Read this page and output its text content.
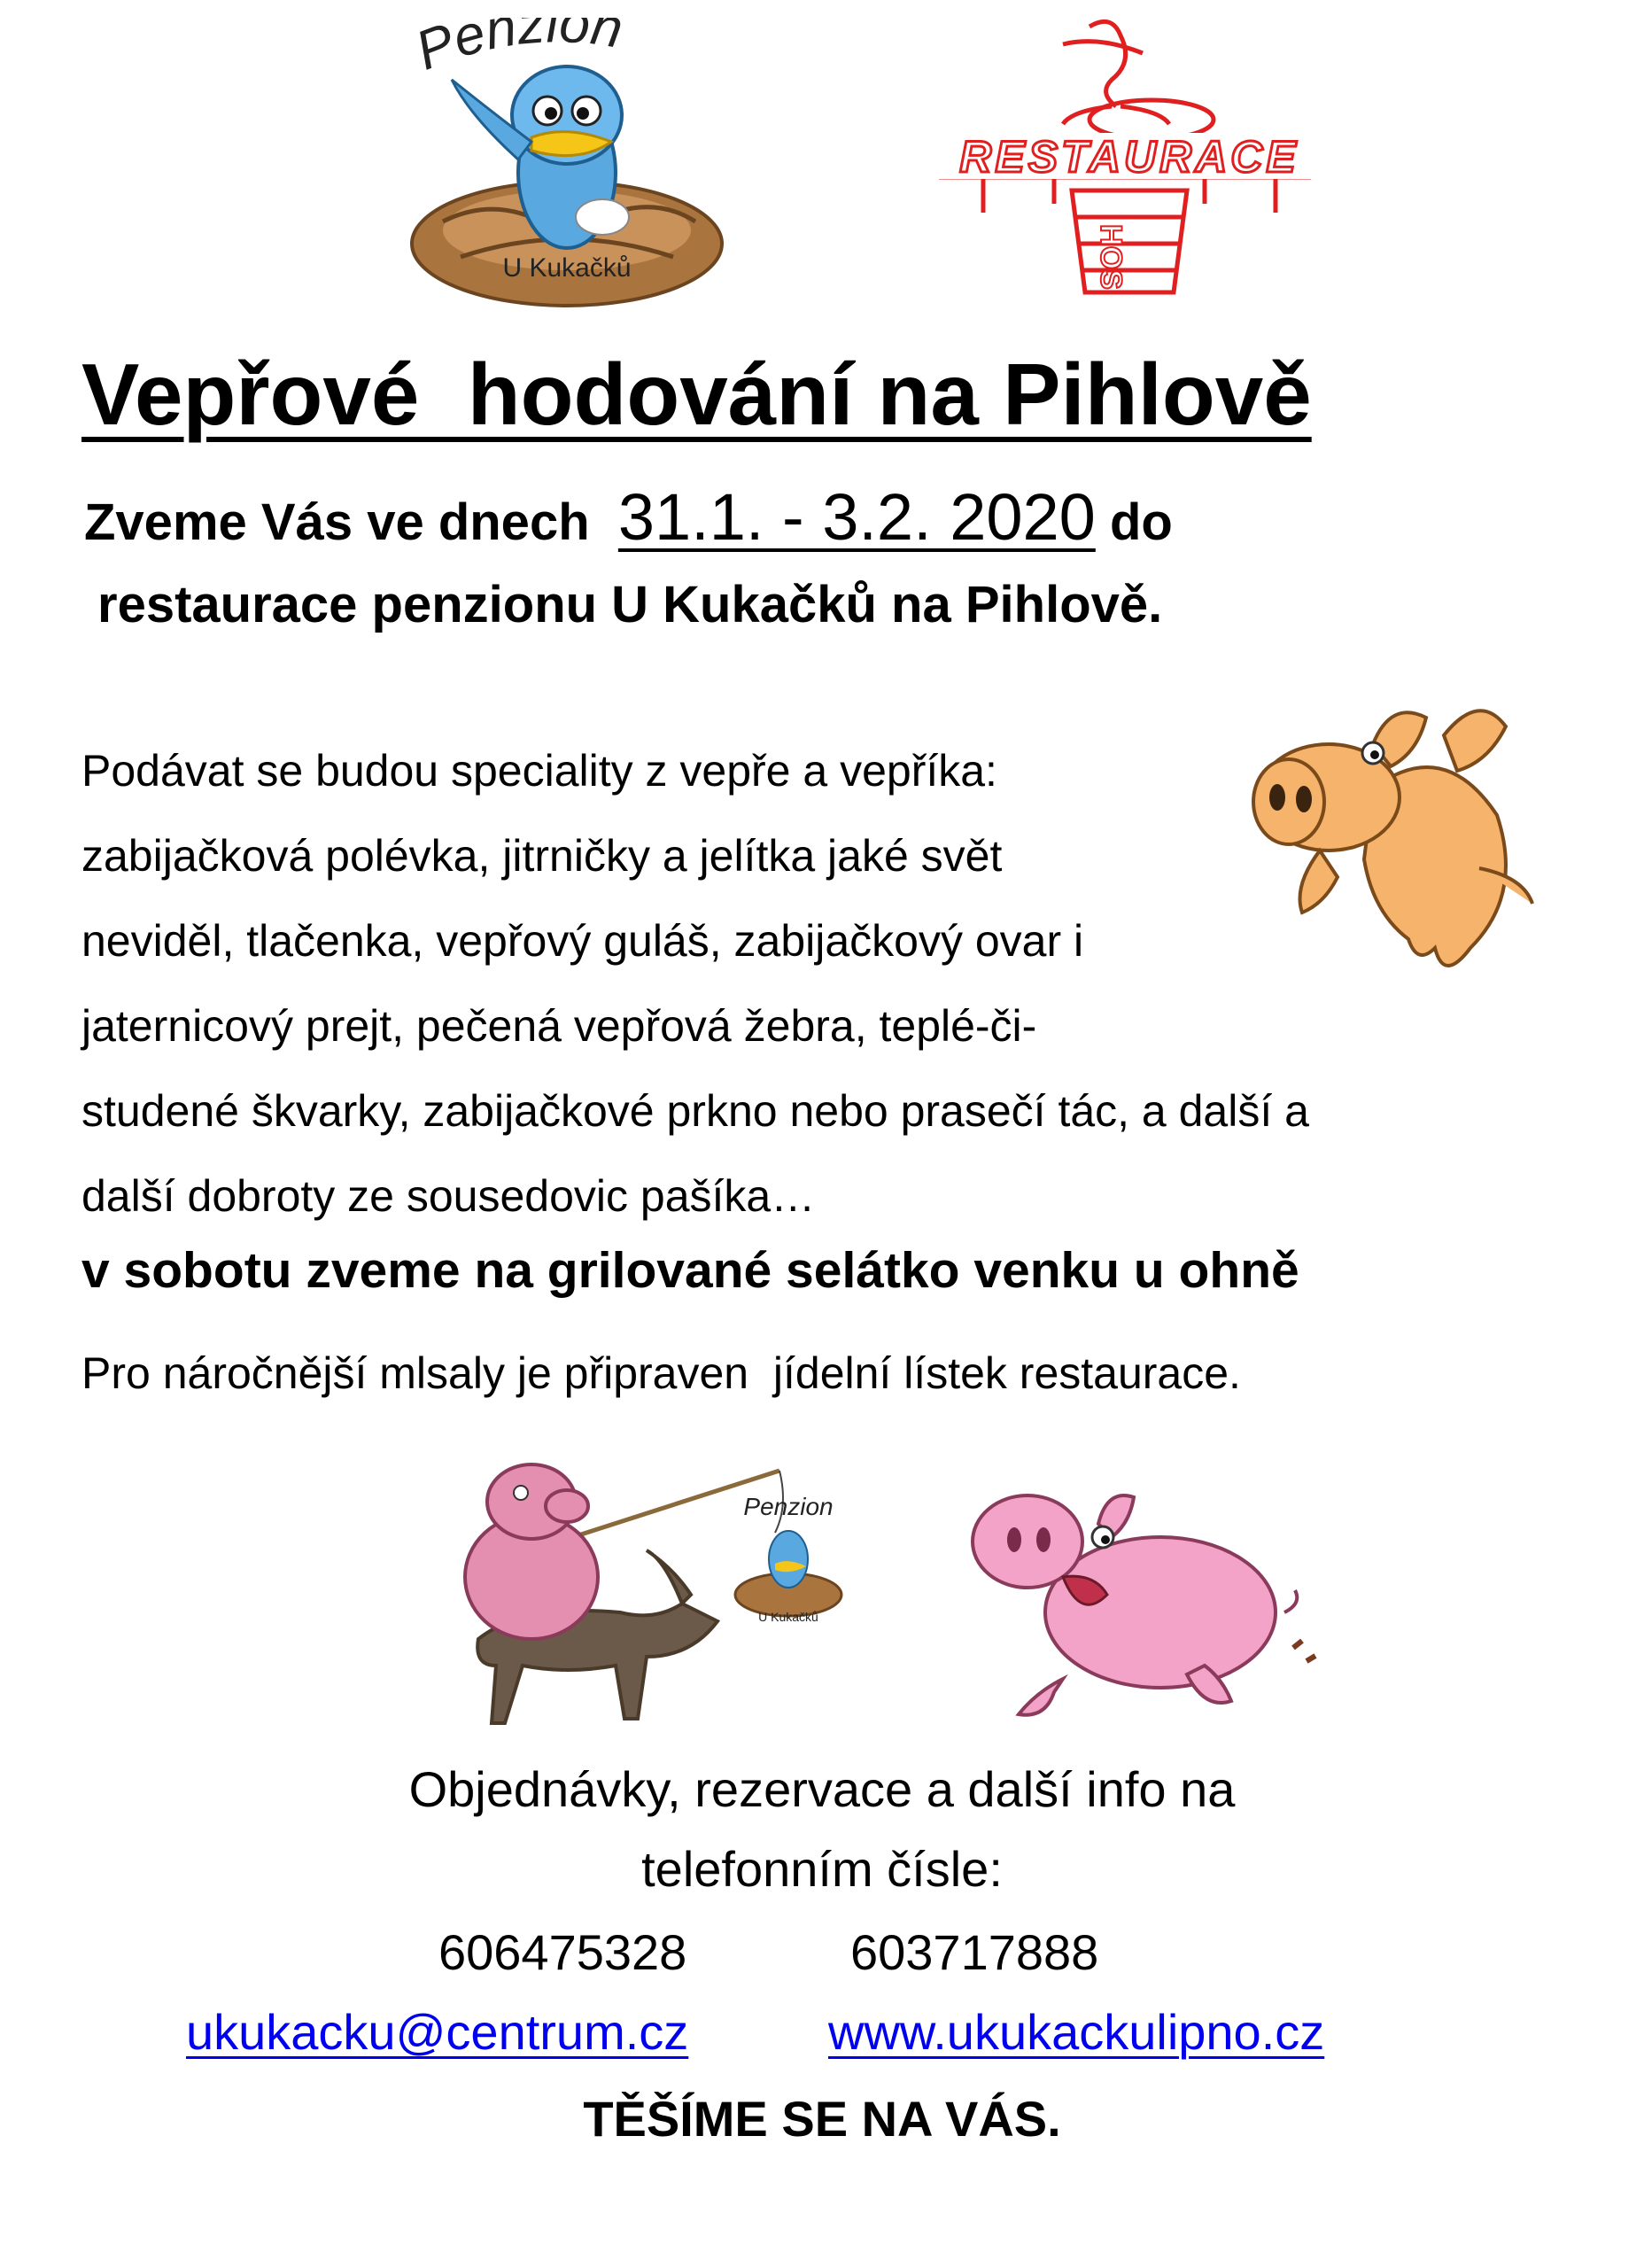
Penzion
U Kukačků
RESTAURACE
HOS
Vepřové  hodování na Pihlově
Zveme Vás ve dnech  31.1. - 3.2. 2020 do
restaurace penzionu U Kukačků na Pihlově.
Podávat se budou speciality z vepře a vepříka:
zabijačková polévka, jitrničky a jelítka jaké svět
neviděl, tlačenka, vepřový guláš, zabijačkový ovar i
jaternicový prejt, pečená vepřová žebra, teplé-či-
studené škvarky, zabijačkové prkno nebo prasečí tác, a další a
další dobroty ze sousedovic pašíka…
v sobotu zveme na grilované selátko venku u ohně
Pro náročnější mlsaly je připraven  jídelní lístek restaurace.
Penzion
U Kukačků
Objednávky, rezervace a další info na
telefonním čísle:
606475328	603717888
ukukacku@centrum.cz	www.ukukackulipno.cz
TĚŠÍME SE NA VÁS.
